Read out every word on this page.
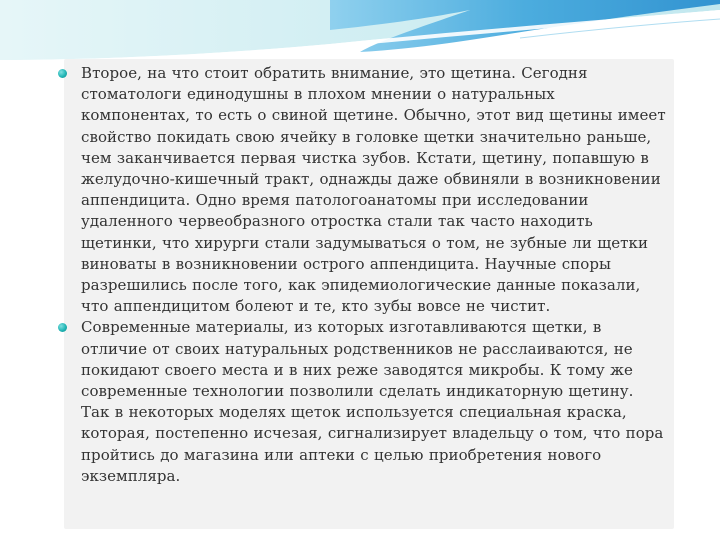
Второе, на что стоит обратить внимание, это щетина. Сегодня стоматологи единодушны в плохом мнении о натуральных компонентах, то есть о свиной щетине. Обычно, этот вид щетины имеет свойство покидать свою ячейку в головке щетки значительно раньше, чем заканчивается первая чистка зубов. Кстати, щетину, попавшую в желудочно-кишечный тракт, однажды даже обвиняли в возникновении аппендицита. Одно время патологоанатомы при исследовании удаленного червеобразного отростка стали так часто находить щетинки, что хирурги стали задумываться о том, не зубные ли щетки виноваты в возникновении острого аппендицита. Научные споры разрешились после того, как эпидемиологические данные показали, что аппендицитом болеют и те, кто зубы вовсе не чистит.
Современные материалы, из которых изготавливаются щетки, в отличие от своих натуральных родственников не расслаиваются, не покидают своего места и в них реже заводятся микробы. К тому же современные технологии позволили сделать индикаторную щетину. Так в некоторых моделях щеток используется специальная краска, которая, постепенно исчезая, сигнализирует владельцу о том, что пора пройтись до магазина или аптеки с целью приобретения нового экземпляра.
